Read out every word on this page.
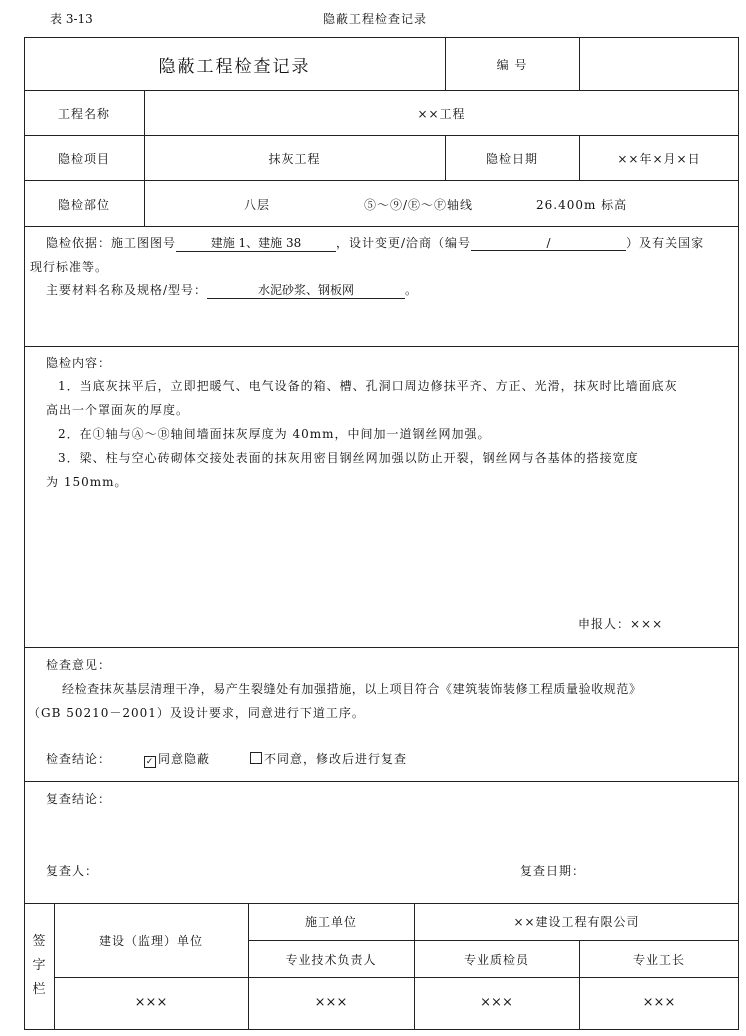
表 3-13	隐蔽工程检查记录
隐蔽工程检查记录	编 号
工程名称	××工程
隐检项目	抹灰工程	隐检日期	××年×月×日
隐检部位	八层	⑤～⑨/Ⓔ～Ⓕ轴线	26.400m 标高
隐检依据：施工图图号	建施 1、建施 38	，设计变更/洽商（编号	/	）及有关国家
现行标准等。
主要材料名称及规格/型号：	水泥砂浆、钢板网	。
隐检内容：
1．当底灰抹平后，立即把暖气、电气设备的箱、槽、孔洞口周边修抹平齐、方正、光滑，抹灰时比墙面底灰
高出一个罩面灰的厚度。
2．在①轴与Ⓐ～Ⓑ轴间墙面抹灰厚度为 40mm，中间加一道钢丝网加强。
3．梁、柱与空心砖砌体交接处表面的抹灰用密目钢丝网加强以防止开裂，钢丝网与各基体的搭接宽度
为 150mm。
申报人：×××
检查意见：
经检查抹灰基层清理干净，易产生裂缝处有加强措施，以上项目符合《建筑装饰装修工程质量验收规范》
（GB 50210－2001）及设计要求，同意进行下道工序。
检查结论：	✓ 同意隐蔽	不同意，修改后进行复查
复查结论：
复查人：	复查日期：
签
字
栏
建设（监理）单位
施工单位	××建设工程有限公司
专业技术负责人	专业质检员	专业工长
×××	×××	×××	×××
